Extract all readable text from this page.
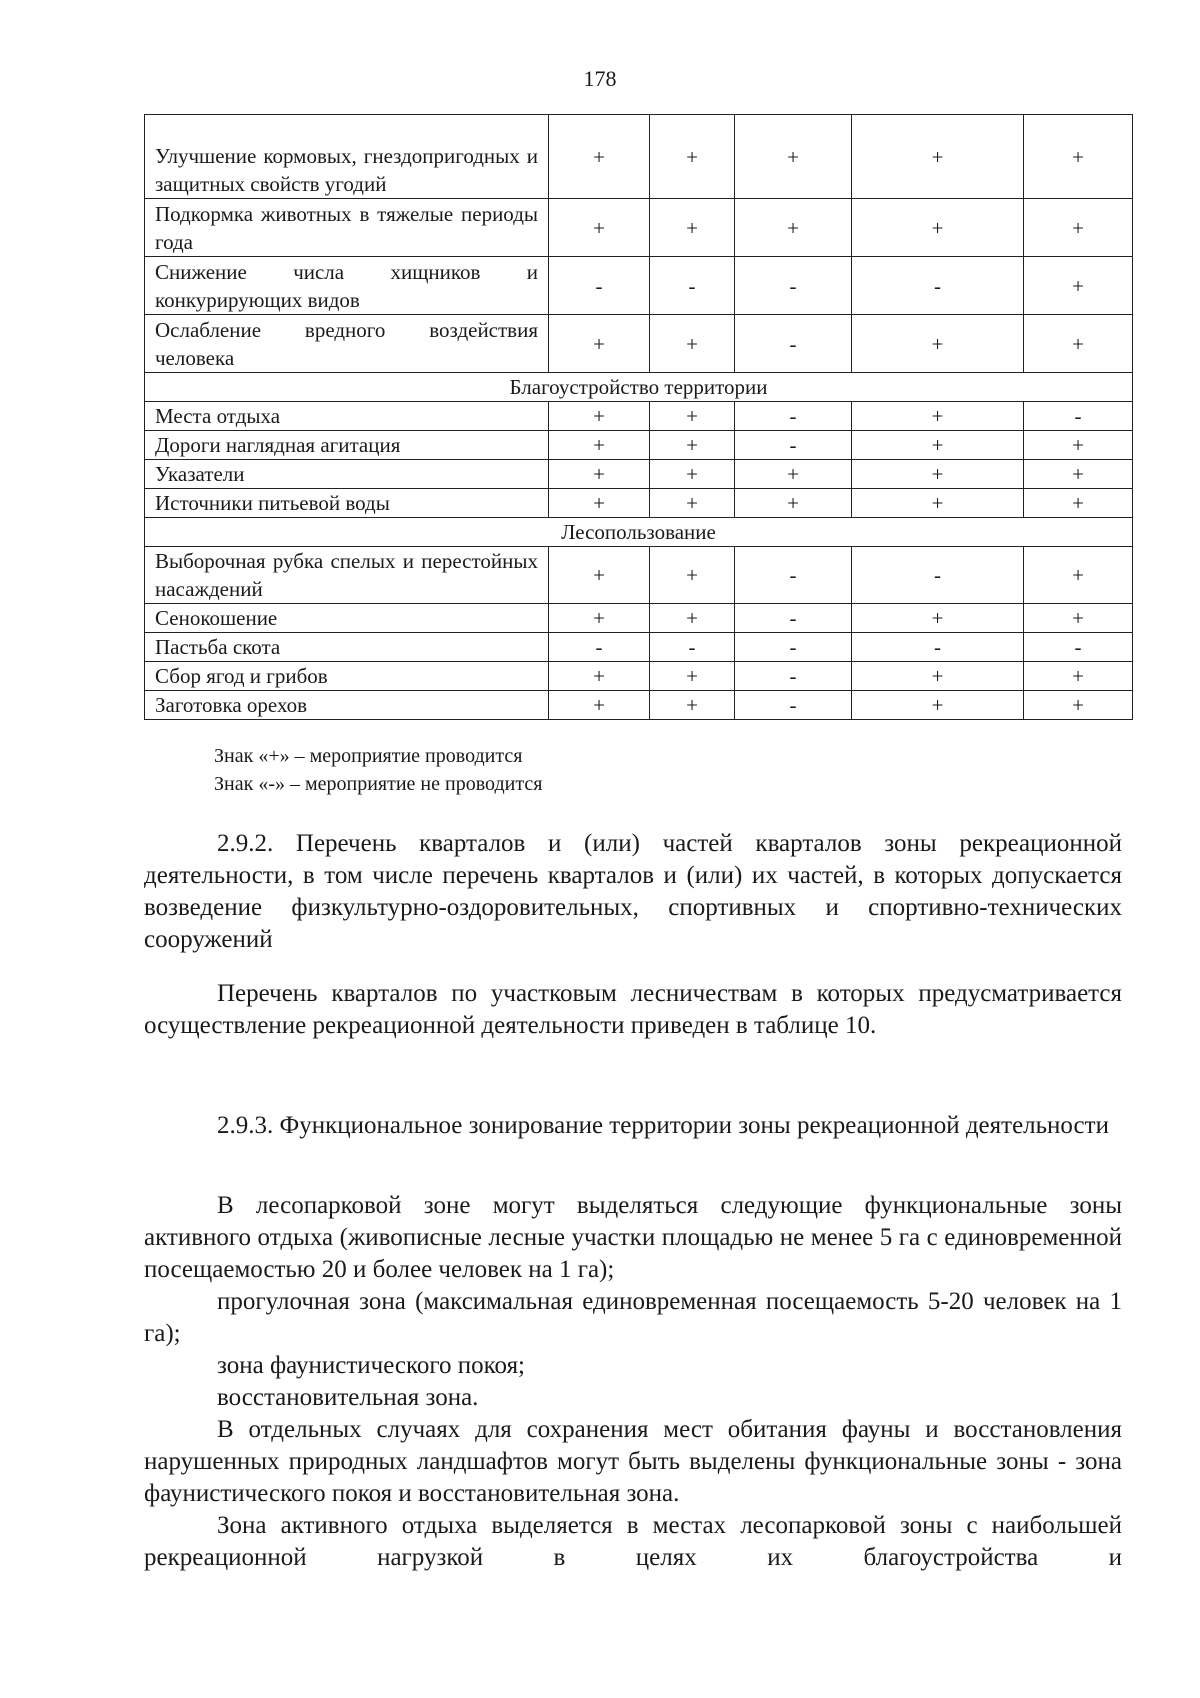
178
Улучшение кормовых, гнездопригодных и защитных свойств угодий	+	+	+	+	+
Подкормка животных в тяжелые периоды года	+	+	+	+	+
Снижение числа хищников и конкурирующих видов	-	-	-	-	+
Ослабление вредного воздействия человека	+	+	-	+	+
Благоустройство территории					
Места отдыха	+	+	-	+	-
Дороги наглядная агитация	+	+	-	+	+
Указатели	+	+	+	+	+
Источники питьевой воды	+	+	+	+	+
Лесопользование					
Выборочная рубка спелых и перестойных насаждений	+	+	-	-	+
Сенокошение	+	+	-	+	+
Пастьба скота	-	-	-	-	-
Сбор ягод и грибов	+	+	-	+	+
Заготовка орехов	+	+	-	+	+
Знак «+» – мероприятие проводится
Знак «-» – мероприятие не проводится

2.9.2. Перечень кварталов и (или) частей кварталов зоны рекреационной деятельности, в том числе перечень кварталов и (или) их частей, в которых допускается возведение физкультурно-оздоровительных, спортивных и спортивно-технических сооружений

Перечень кварталов по участковым лесничествам в которых предусматривается осуществление рекреационной деятельности приведен в таблице 10.

2.9.3. Функциональное зонирование территории зоны рекреационной деятельности

В лесопарковой зоне могут выделяться следующие функциональные зоны активного отдыха (живописные лесные участки площадью не менее 5 га с единовременной посещаемостью 20 и более человек на 1 га);

прогулочная зона (максимальная единовременная посещаемость 5-20 человек на 1 га);

зона фаунистического покоя;

восстановительная зона.

В отдельных случаях для сохранения мест обитания фауны и восстановления нарушенных природных ландшафтов могут быть выделены функциональные зоны - зона фаунистического покоя и восстановительная зона.

Зона активного отдыха выделяется в местах лесопарковой зоны с наибольшей рекреационной нагрузкой в целях их благоустройства и
